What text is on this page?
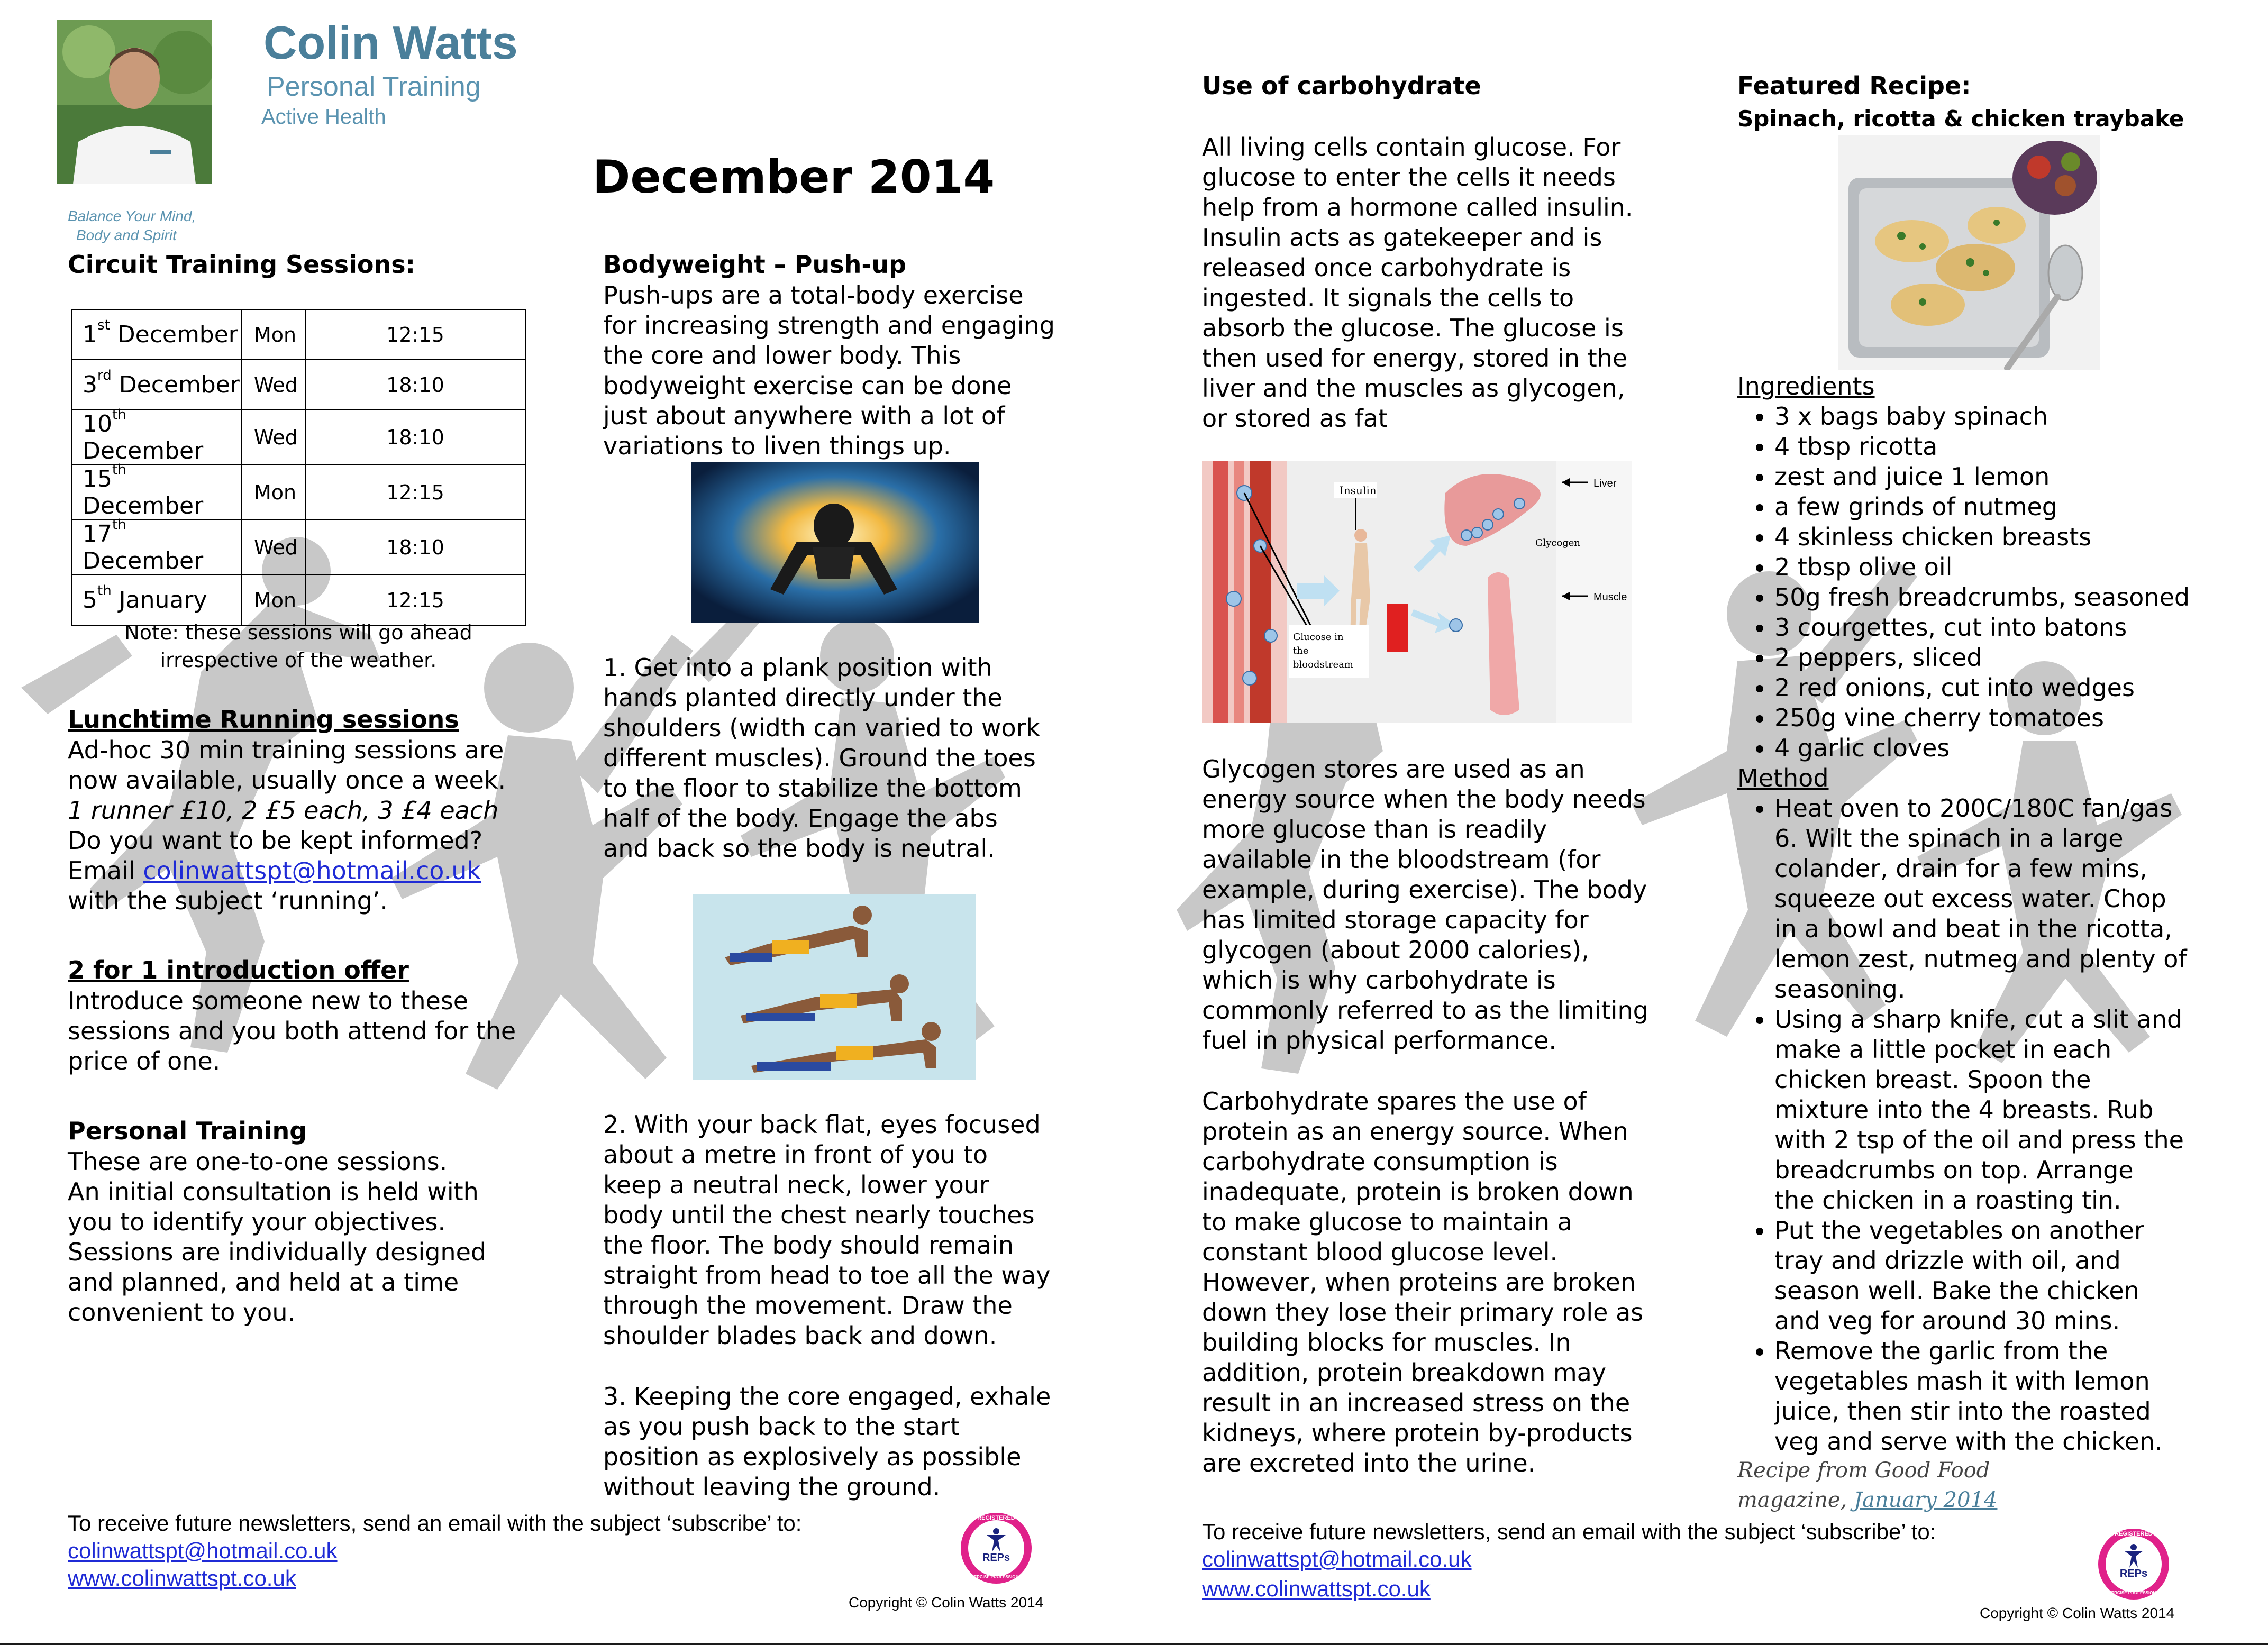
Colin Watts
Personal Training
Active Health
Balance Your Mind,
Body and Spirit
December 2014
Circuit Training Sessions:
1st December	Mon	12:15
3rd December	Wed	18:10
10th December	Wed	18:10
15th December	Mon	12:15
17th December	Wed	18:10
5th January	Mon	12:15
Note: these sessions will go ahead
irrespective of the weather.
Lunchtime Running sessions

Ad-hoc 30 min training sessions are

now available, usually once a week.

1 runner £10, 2 £5 each, 3 £4 each

Do you want to be kept informed?

Email colinwattspt@hotmail.co.uk

with the subject ‘running’.

2 for 1 introduction offer

Introduce someone new to these

sessions and you both attend for the

price of one.

Personal Training

These are one-to-one sessions.

An initial consultation is held with

you to identify your objectives.

Sessions are individually designed

and planned, and held at a time

convenient to you.

Bodyweight – Push-up

Push-ups are a total-body exercise

for increasing strength and engaging

the core and lower body. This

bodyweight exercise can be done

just about anywhere with a lot of

variations to liven things up.

1. Get into a plank position with

hands planted directly under the

shoulders (width can varied to work

different muscles). Ground the toes

to the floor to stabilize the bottom

half of the body. Engage the abs

and back so the body is neutral.

2. With your back flat, eyes focused

about a metre in front of you to

keep a neutral neck, lower your

body until the chest nearly touches

the floor. The body should remain

straight from head to toe all the way

through the movement. Draw the

shoulder blades back and down.

3. Keeping the core engaged, exhale

as you push back to the start

position as explosively as possible

without leaving the ground.

To receive future newsletters, send an email with the subject ‘subscribe’ to:
colinwattspt@hotmail.co.uk
www.colinwattspt.co.uk
REGISTERED
REPs
EXERCISE PROFESSIONAL
Copyright © Colin Watts 2014
Use of carbohydrate

All living cells contain glucose. For

glucose to enter the cells it needs

help from a hormone called insulin.

Insulin acts as gatekeeper and is

released once carbohydrate is

ingested. It signals the cells to

absorb the glucose. The glucose is

then used for energy, stored in the

liver and the muscles as glycogen,

or stored as fat

Insulin
Glycogen
Liver
Muscle
Glucose in
the
bloodstream

Glycogen stores are used as an

energy source when the body needs

more glucose than is readily

available in the bloodstream (for

example, during exercise). The body

has limited storage capacity for

glycogen (about 2000 calories),

which is why carbohydrate is

commonly referred to as the limiting

fuel in physical performance.

Carbohydrate spares the use of

protein as an energy source. When

carbohydrate consumption is

inadequate, protein is broken down

to make glucose to maintain a

constant blood glucose level.

However, when proteins are broken

down they lose their primary role as

building blocks for muscles. In

addition, protein breakdown may

result in an increased stress on the

kidneys, where protein by-products

are excreted into the urine.

Featured Recipe:
Spinach, ricotta & chicken traybake
Ingredients
• 3 x bags baby spinach
• 4 tbsp ricotta
• zest and juice 1 lemon
• a few grinds of nutmeg
• 4 skinless chicken breasts
• 2 tbsp olive oil
• 50g fresh breadcrumbs, seasoned
• 3 courgettes, cut into batons
• 2 peppers, sliced
• 2 red onions, cut into wedges
• 250g vine cherry tomatoes
• 4 garlic cloves
Method
• Heat oven to 200C/180C fan/gas
6. Wilt the spinach in a large
colander, drain for a few mins,
squeeze out excess water. Chop
in a bowl and beat in the ricotta,
lemon zest, nutmeg and plenty of
seasoning.
• Using a sharp knife, cut a slit and
make a little pocket in each
chicken breast. Spoon the
mixture into the 4 breasts. Rub
with 2 tsp of the oil and press the
breadcrumbs on top. Arrange
the chicken in a roasting tin.
• Put the vegetables on another
tray and drizzle with oil, and
season well. Bake the chicken
and veg for around 30 mins.
• Remove the garlic from the
vegetables mash it with lemon
juice, then stir into the roasted
veg and serve with the chicken.
Recipe from Good Food
magazine, January 2014
To receive future newsletters, send an email with the subject ‘subscribe’ to:
colinwattspt@hotmail.co.uk
www.colinwattspt.co.uk
REGISTERED
REPs
EXERCISE PROFESSIONAL
Copyright © Colin Watts 2014
